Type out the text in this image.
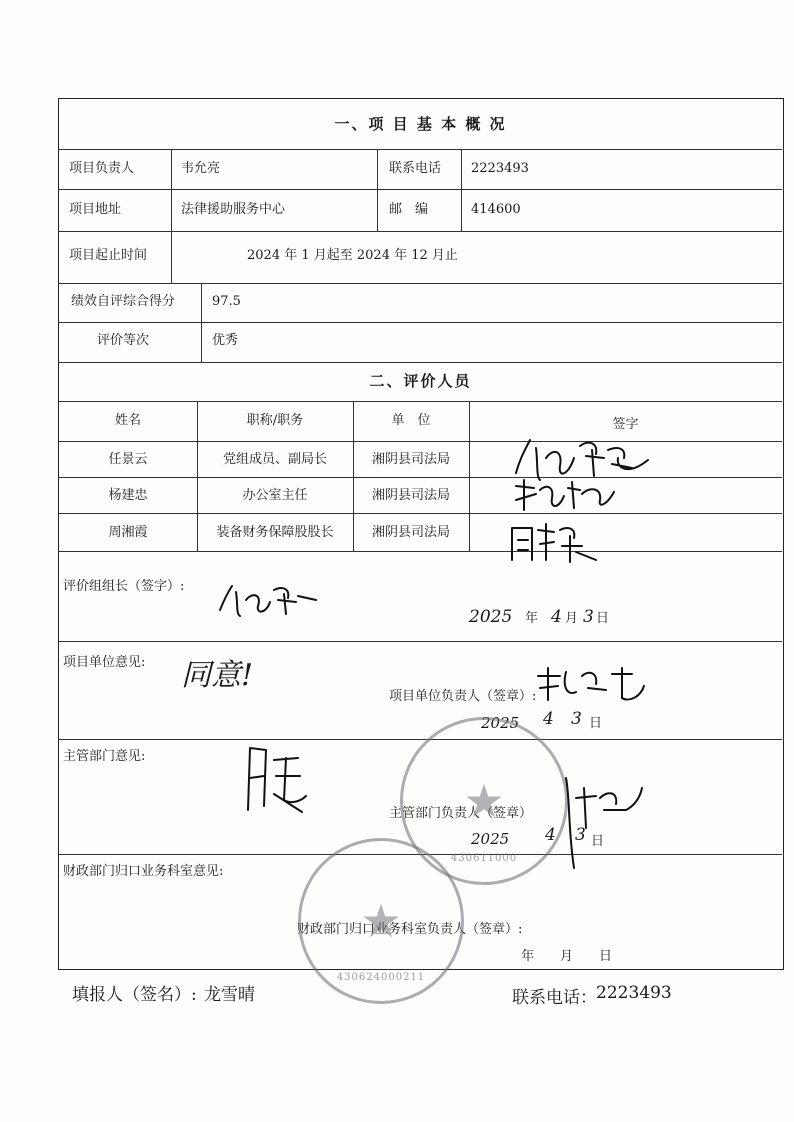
一、项 目 基 本 概 况
项目负责人	韦允亮	联系电话 2223493
项目地址	法律援助服务中心	邮　编	414600
项目起止时间	2024 年 1 月起至 2024 年 12 月止
绩效自评综合得分	97.5
评价等次	优秀
二、评价人员
姓名	职称/职务	单　位	签字
任景云	党组成员、副局长	湘阴县司法局
杨建忠	办公室主任	湘阴县司法局
周湘霞	装备财务保障股股长	湘阴县司法局
评价组组长（签字）:
2025 年 4 月 3 日
项目单位意见: 同意!
项目单位负责人（签章）:
2025 4 3 日
主管部门意见:
主管部门负责人（签章）
2025 4 3 日
财政部门归口业务科室意见:
财政部门归口业务科室负责人（签章）:
年　　月　　日
★
430611000
★
430624000211
填报人（签名）: 龙雪晴	联系电话： 2223493
